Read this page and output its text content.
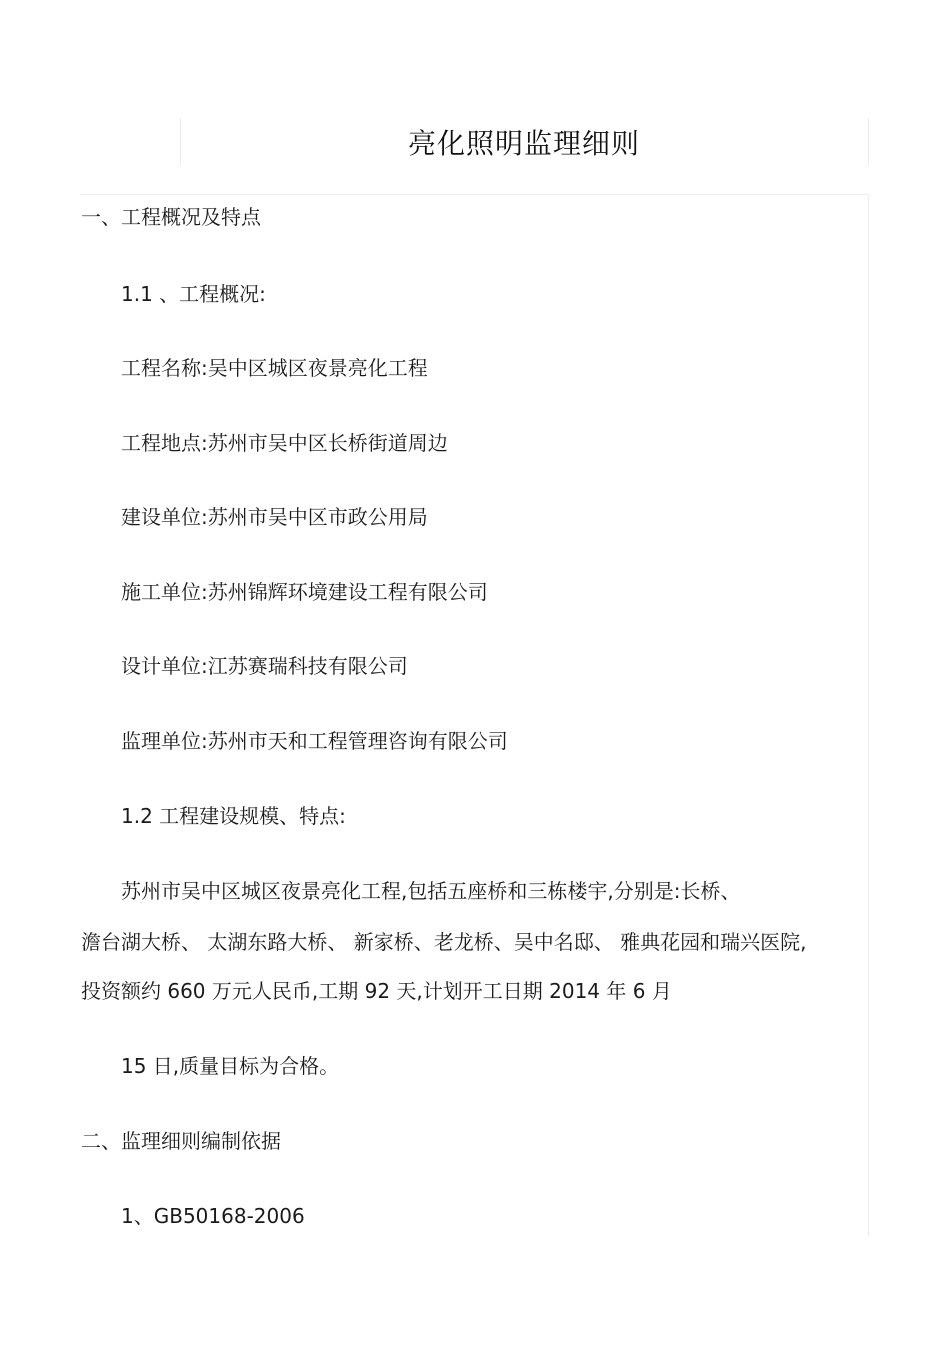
亮化照明监理细则
一、工程概况及特点
1.1 、工程概况:
工程名称:吴中区城区夜景亮化工程
工程地点:苏州市吴中区长桥街道周边
建设单位:苏州市吴中区市政公用局
施工单位:苏州锦辉环境建设工程有限公司
设计单位:江苏赛瑞科技有限公司
监理单位:苏州市天和工程管理咨询有限公司
1.2 工程建设规模、特点:
苏州市吴中区城区夜景亮化工程,包括五座桥和三栋楼宇,分别是:长桥、
澹台湖大桥、 太湖东路大桥、 新家桥、老龙桥、吴中名邸、 雅典花园和瑞兴医院,
投资额约 660 万元人民币,工期 92 天,计划开工日期 2014 年 6 月
15 日,质量目标为合格。
二、监理细则编制依据
1、GB50168-2006
